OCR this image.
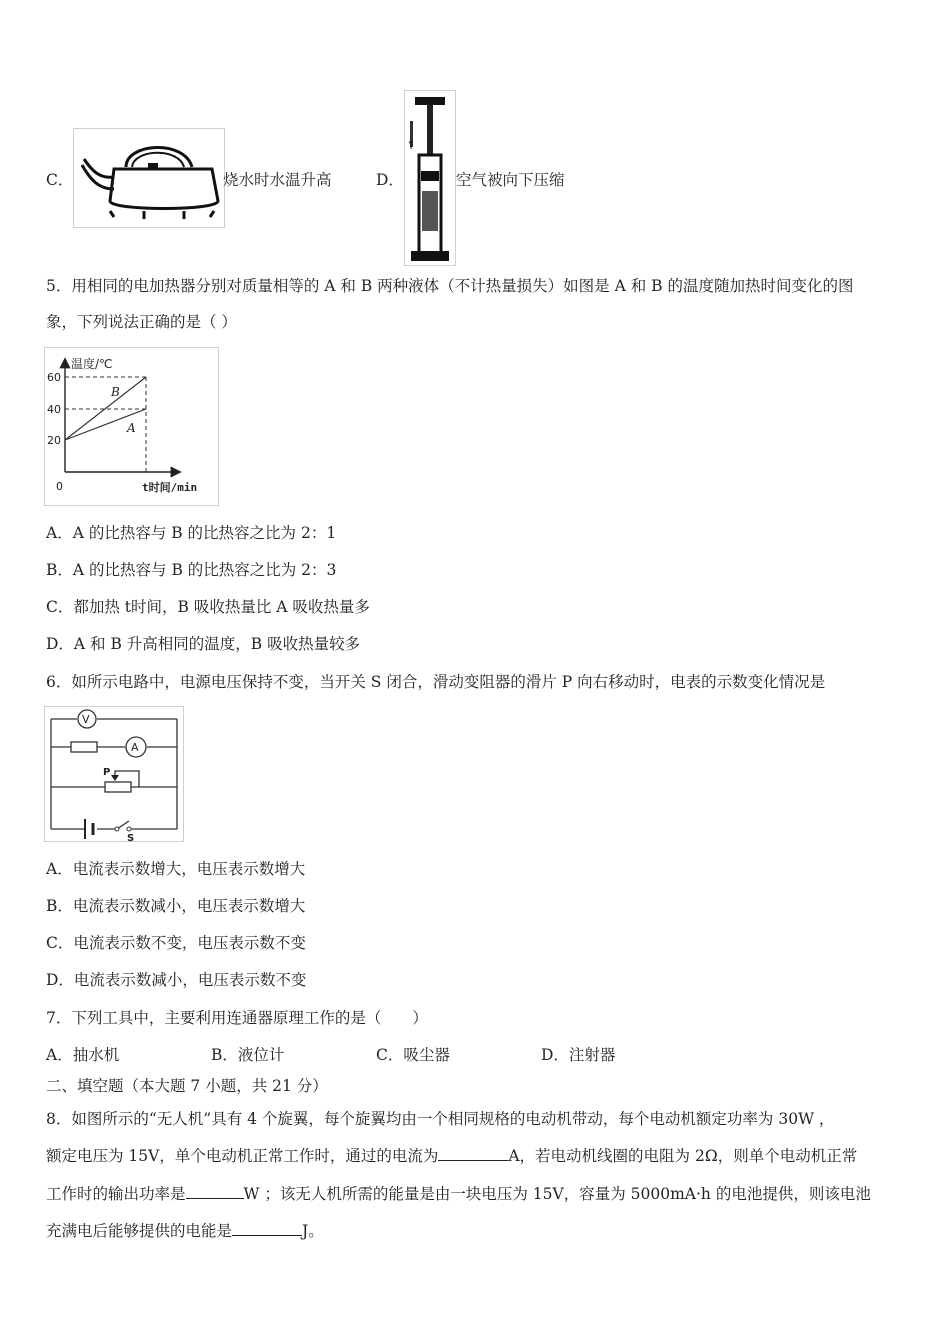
C．	烧水时水温升高	D．	空气被向下压缩
5．用相同的电加热器分别对质量相等的 A 和 B 两种液体（不计热量损失）如图是 A 和 B 的温度随加热时间变化的图
象，下列说法正确的是（ ）
温度/℃
60
40
20
B
A
0	t时间/min
A．A 的比热容与 B 的比热容之比为 2：1
B．A 的比热容与 B 的比热容之比为 2：3
C．都加热 t时间，B 吸收热量比 A 吸收热量多
D．A 和 B 升高相同的温度，B 吸收热量较多
6．如所示电路中，电源电压保持不变，当开关 S 闭合，滑动变阻器的滑片 P 向右移动时，电表的示数变化情况是
V
A
P
S
A．电流表示数增大，电压表示数增大
B．电流表示数减小，电压表示数增大
C．电流表示数不变，电压表示数不变
D．电流表示数减小，电压表示数不变
7．下列工具中，主要利用连通器原理工作的是（　　）
A．抽水机	B．液位计	C．吸尘器	D．注射器
二、填空题（本大题 7 小题，共 21 分）
8．如图所示的“无人机”具有 4 个旋翼，每个旋翼均由一个相同规格的电动机带动，每个电动机额定功率为 30W ，
额定电压为 15V，单个电动机正常工作时，通过的电流为	A，若电动机线圈的电阻为 2Ω，则单个电动机正常
工作时的输出功率是	W ；该无人机所需的能量是由一块电压为 15V，容量为 5000mA·h 的电池提供，则该电池
充满电后能够提供的电能是	J。
